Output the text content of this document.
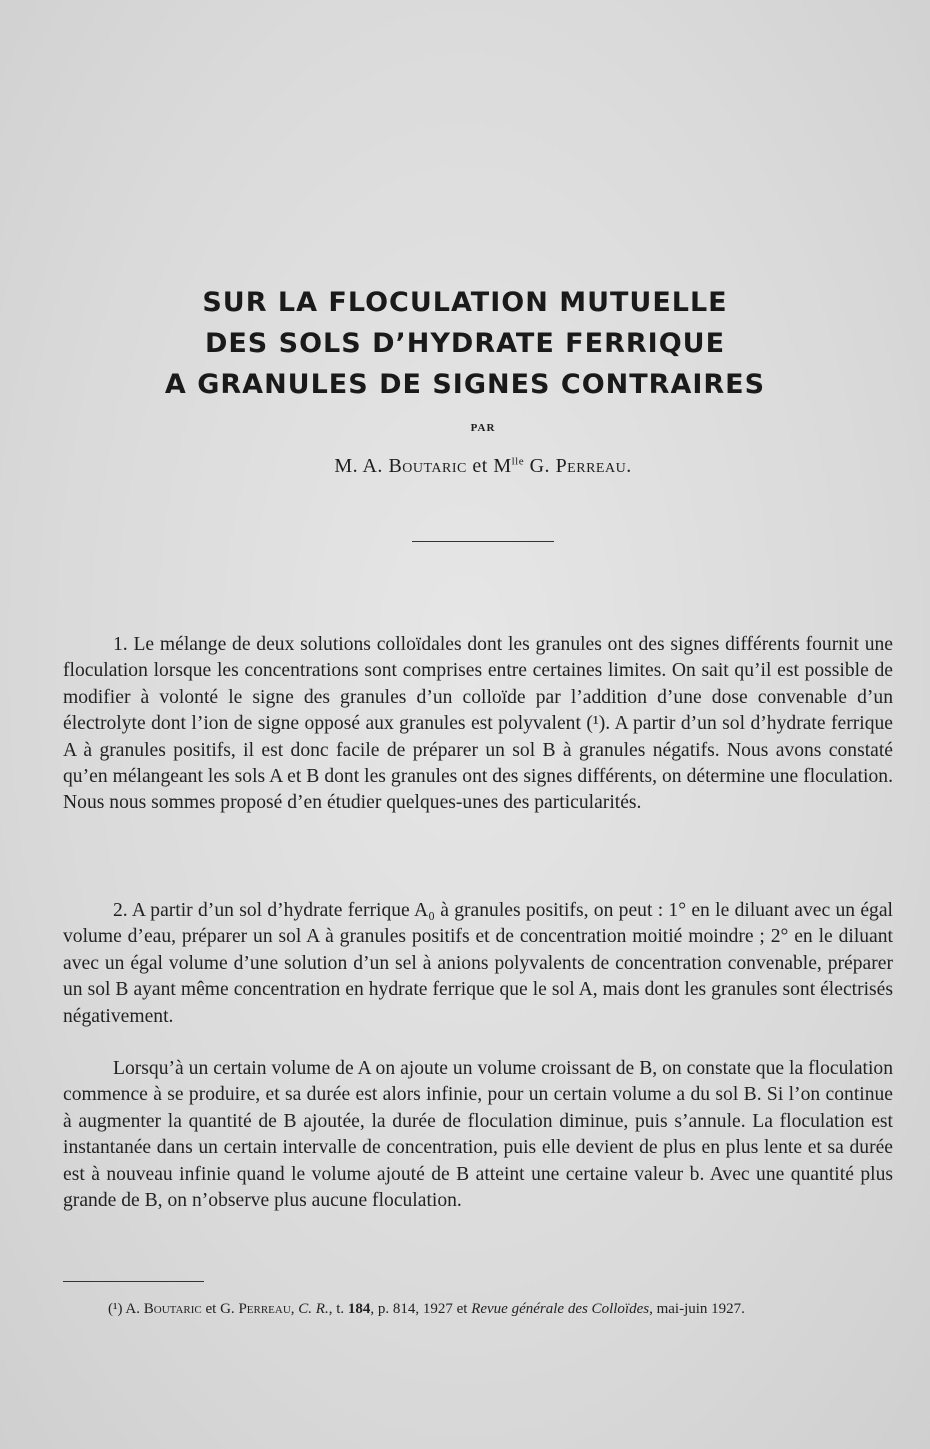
SUR LA FLOCULATION MUTUELLE
DES SOLS D’HYDRATE FERRIQUE
A GRANULES DE SIGNES CONTRAIRES
PAR
M. A. Boutaric et $M^{lle}$ G. Perreau.

1. Le mélange de deux solutions colloïdales dont les granules ont des signes différents fournit une floculation lorsque les concentrations sont comprises entre certaines limites. On sait qu’il est possible de modifier à volonté le signe des granules d’un colloïde par l’addition d’une dose convenable d’un électrolyte dont l’ion de signe opposé aux granules est polyvalent (¹). A partir d’un sol d’hydrate ferrique A à granules positifs, il est donc facile de préparer un sol B à granules négatifs. Nous avons constaté qu’en mélangeant les sols A et B dont les granules ont des signes différents, on détermine une floculation. Nous nous sommes proposé d’en étudier quelques-unes des particularités.

2. A partir d’un sol d’hydrate ferrique A₀ à granules positifs, on peut : 1° en le diluant avec un égal volume d’eau, préparer un sol A à granules positifs et de concentration moitié moindre ; 2° en le diluant avec un égal volume d’une solution d’un sel à anions polyvalents de concentration convenable, préparer un sol B ayant même concentration en hydrate ferrique que le sol A, mais dont les granules sont électrisés négativement.

Lorsqu’à un certain volume de A on ajoute un volume croissant de B, on constate que la floculation commence à se produire, et sa durée est alors infinie, pour un certain volume a du sol B. Si l’on continue à augmenter la quantité de B ajoutée, la durée de floculation diminue, puis s’annule. La floculation est instantanée dans un certain intervalle de concentration, puis elle devient de plus en plus lente et sa durée est à nouveau infinie quand le volume ajouté de B atteint une certaine valeur b. Avec une quantité plus grande de B, on n’observe plus aucune floculation.

(¹) A. Boutaric et G. Perreau, C. R., t. 184, p. 814, 1927 et Revue générale des Colloïdes, mai-juin 1927.
